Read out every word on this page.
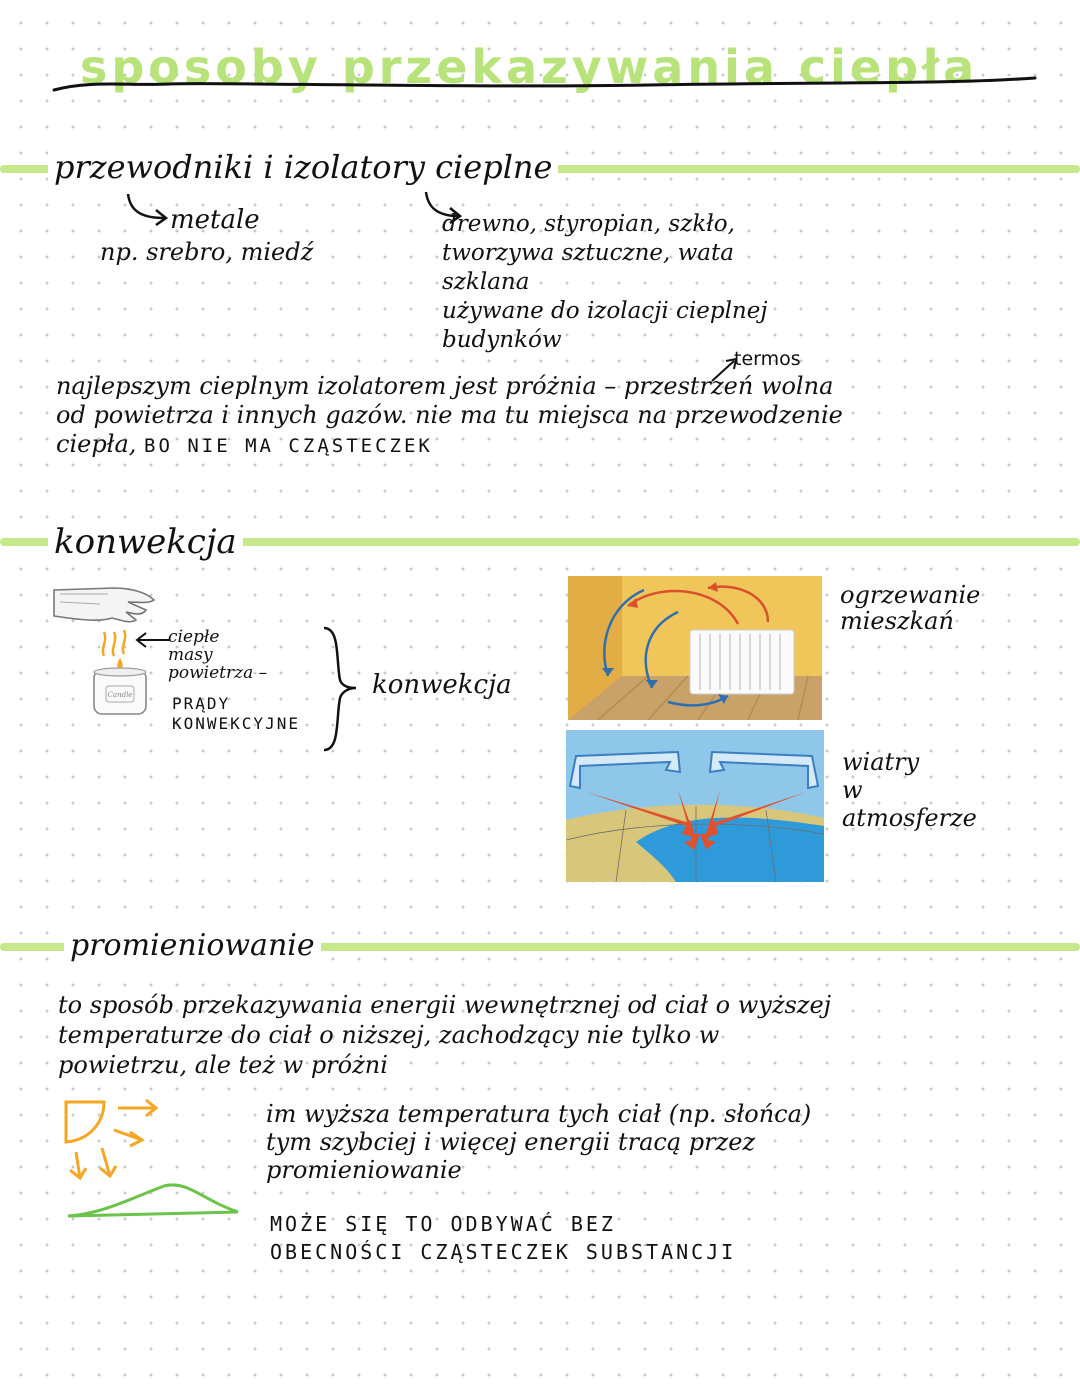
sposoby przekazywania ciepła
przewodniki i izolatory cieplne
metale
np. srebro, miedź
drewno, styropian, szkło,
tworzywa sztuczne, wata
szklana
używane do izolacji cieplnej
budynków
termos
najlepszym cieplnym izolatorem jest próżnia – przestrzeń wolna
od powietrza i innych gazów. nie ma tu miejsca na przewodzenie
ciepła, BO NIE MA CZĄSTECZEK
konwekcja
Candle
ciepłe
masy
powietrza –
PRĄDY
KONWEKCYJNE
konwekcja
ogrzewanie
mieszkań
wiatry
w
atmosferze
promieniowanie
to sposób przekazywania energii wewnętrznej od ciał o wyższej
temperaturze do ciał o niższej, zachodzący nie tylko w
powietrzu, ale też w próżni
im wyższa temperatura tych ciał (np. słońca)
tym szybciej i więcej energii tracą przez
promieniowanie
MOŻE SIĘ TO ODBYWAĆ BEZ
OBECNOŚCI CZĄSTECZEK SUBSTANCJI
